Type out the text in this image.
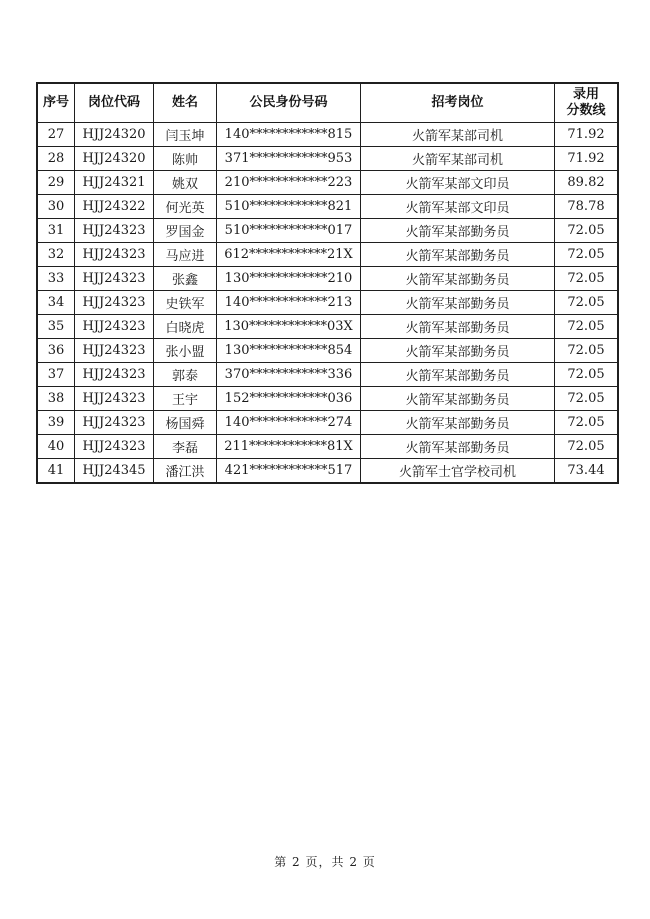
序号	岗位代码	姓名	公民身份号码	招考岗位	录用
分数线

27	HJJ24320	闫玉坤	140************815	火箭军某部司机	71.92
28	HJJ24320	陈帅	371************953	火箭军某部司机	71.92
29	HJJ24321	姚双	210************223	火箭军某部文印员	89.82
30	HJJ24322	何光英	510************821	火箭军某部文印员	78.78
31	HJJ24323	罗国金	510************017	火箭军某部勤务员	72.05
32	HJJ24323	马应进	612************21X	火箭军某部勤务员	72.05
33	HJJ24323	张鑫	130************210	火箭军某部勤务员	72.05
34	HJJ24323	史铁军	140************213	火箭军某部勤务员	72.05
35	HJJ24323	白晓虎	130************03X	火箭军某部勤务员	72.05
36	HJJ24323	张小盟	130************854	火箭军某部勤务员	72.05
37	HJJ24323	郭泰	370************336	火箭军某部勤务员	72.05
38	HJJ24323	王宇	152************036	火箭军某部勤务员	72.05
39	HJJ24323	杨国舜	140************274	火箭军某部勤务员	72.05
40	HJJ24323	李磊	211************81X	火箭军某部勤务员	72.05
41	HJJ24345	潘江洪	421************517	火箭军士官学校司机	73.44
第 2 页，共 2 页
